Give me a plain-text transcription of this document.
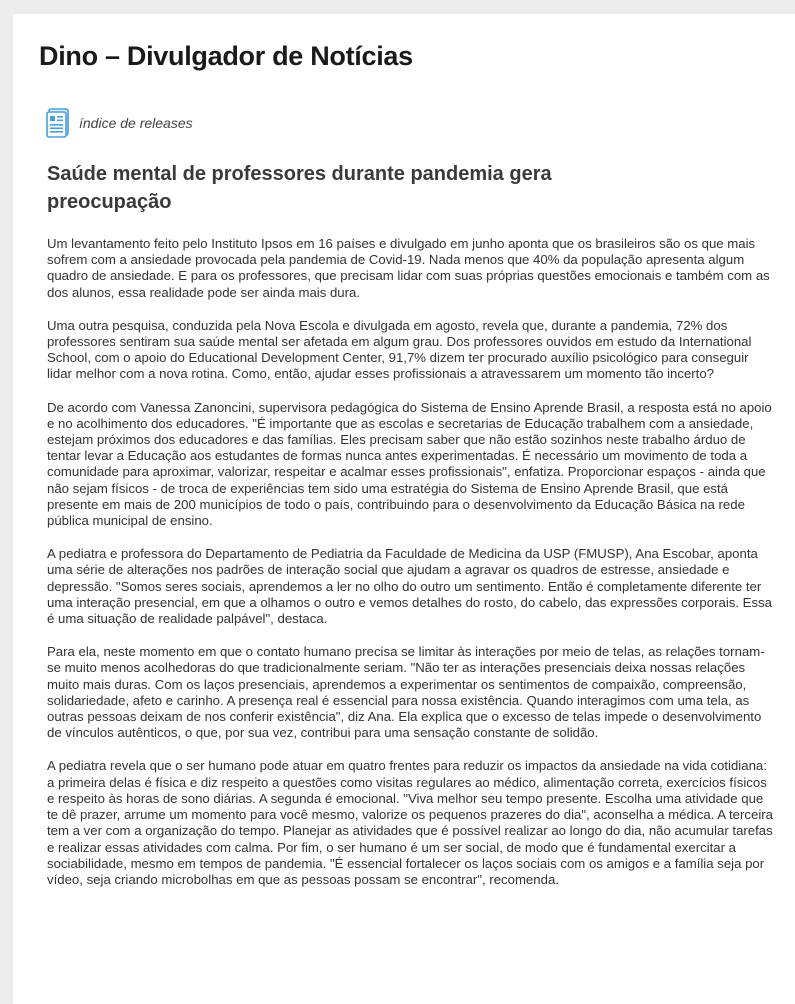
Dino – Divulgador de Notícias
índice de releases
Saúde mental de professores durante pandemia gera preocupação

Um levantamento feito pelo Instituto Ipsos em 16 países e divulgado em junho aponta que os brasileiros são os que mais sofrem com a ansiedade provocada pela pandemia de Covid-19. Nada menos que 40% da população apresenta algum quadro de ansiedade. E para os professores, que precisam lidar com suas próprias questões emocionais e também com as dos alunos, essa realidade pode ser ainda mais dura.

Uma outra pesquisa, conduzida pela Nova Escola e divulgada em agosto, revela que, durante a pandemia, 72% dos professores sentiram sua saúde mental ser afetada em algum grau. Dos professores ouvidos em estudo da International School, com o apoio do Educational Development Center, 91,7% dizem ter procurado auxílio psicológico para conseguir lidar melhor com a nova rotina. Como, então, ajudar esses profissionais a atravessarem um momento tão incerto?

De acordo com Vanessa Zanoncini, supervisora pedagógica do Sistema de Ensino Aprende Brasil, a resposta está no apoio e no acolhimento dos educadores. "É importante que as escolas e secretarias de Educação trabalhem com a ansiedade, estejam próximos dos educadores e das famílias. Eles precisam saber que não estão sozinhos neste trabalho árduo de tentar levar a Educação aos estudantes de formas nunca antes experimentadas. É necessário um movimento de toda a comunidade para aproximar, valorizar, respeitar e acalmar esses profissionais", enfatiza. Proporcionar espaços - ainda que não sejam físicos - de troca de experiências tem sido uma estratégia do Sistema de Ensino Aprende Brasil, que está presente em mais de 200 municípios de todo o país, contribuindo para o desenvolvimento da Educação Básica na rede pública municipal de ensino.

A pediatra e professora do Departamento de Pediatria da Faculdade de Medicina da USP (FMUSP), Ana Escobar, aponta uma série de alterações nos padrões de interação social que ajudam a agravar os quadros de estresse, ansiedade e depressão. "Somos seres sociais, aprendemos a ler no olho do outro um sentimento. Então é completamente diferente ter uma interação presencial, em que a olhamos o outro e vemos detalhes do rosto, do cabelo, das expressões corporais. Essa é uma situação de realidade palpável", destaca.

Para ela, neste momento em que o contato humano precisa se limitar às interações por meio de telas, as relações tornam-se muito menos acolhedoras do que tradicionalmente seriam. "Não ter as interações presenciais deixa nossas relações muito mais duras. Com os laços presenciais, aprendemos a experimentar os sentimentos de compaixão, compreensão, solidariedade, afeto e carinho. A presença real é essencial para nossa existência. Quando interagimos com uma tela, as outras pessoas deixam de nos conferir existência", diz Ana. Ela explica que o excesso de telas impede o desenvolvimento de vínculos autênticos, o que, por sua vez, contribui para uma sensação constante de solidão.

A pediatra revela que o ser humano pode atuar em quatro frentes para reduzir os impactos da ansiedade na vida cotidiana: a primeira delas é física e diz respeito a questões como visitas regulares ao médico, alimentação correta, exercícios físicos e respeito às horas de sono diárias. A segunda é emocional. "Viva melhor seu tempo presente. Escolha uma atividade que te dê prazer, arrume um momento para você mesmo, valorize os pequenos prazeres do dia", aconselha a médica. A terceira tem a ver com a organização do tempo. Planejar as atividades que é possível realizar ao longo do dia, não acumular tarefas e realizar essas atividades com calma. Por fim, o ser humano é um ser social, de modo que é fundamental exercitar a sociabilidade, mesmo em tempos de pandemia. "É essencial fortalecer os laços sociais com os amigos e a família seja por vídeo, seja criando microbolhas em que as pessoas possam se encontrar", recomenda.
